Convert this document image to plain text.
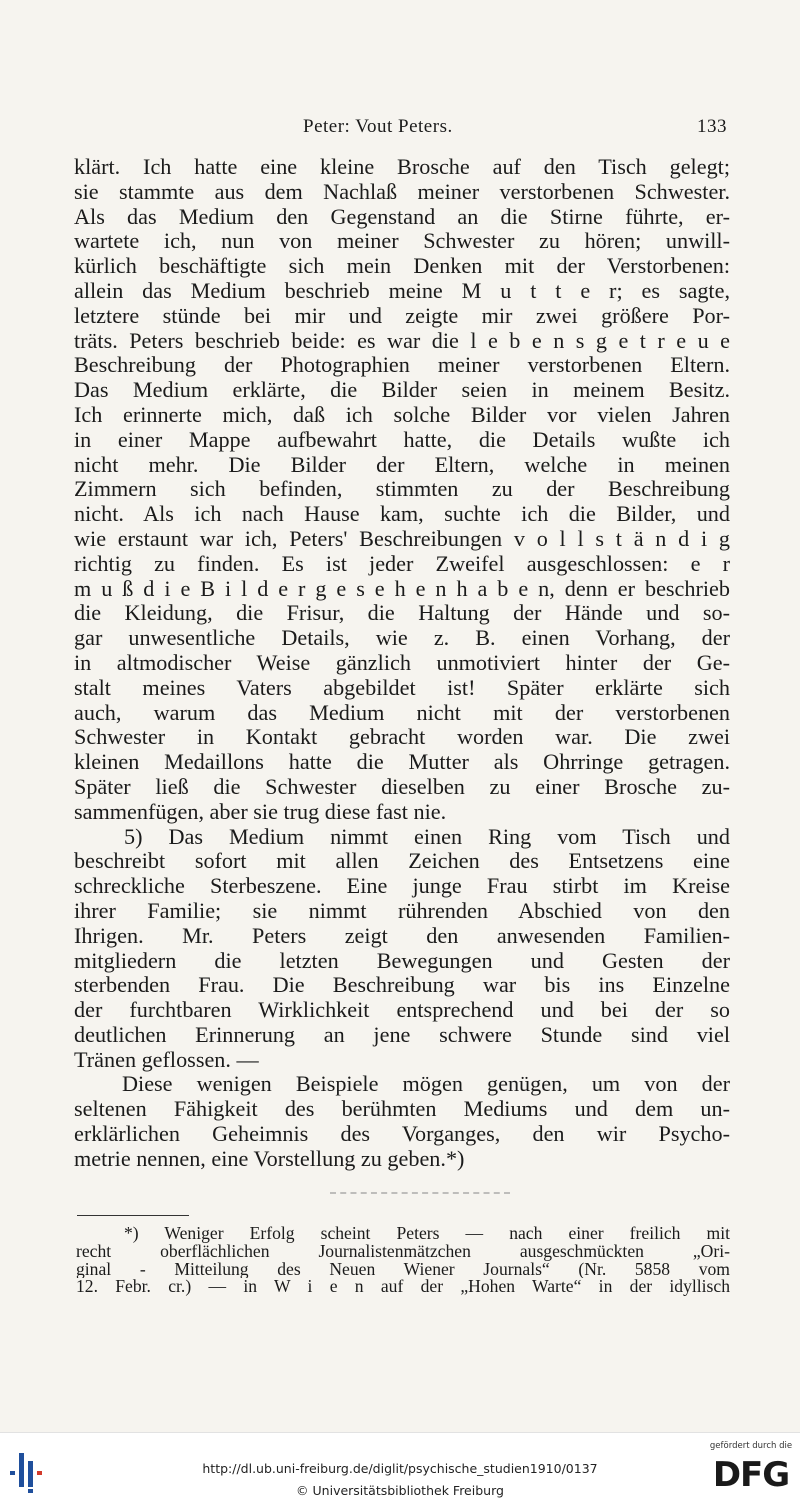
Peter: Vout Peters.	133
klärt. Ich hatte eine kleine Brosche auf den Tisch gelegt;
sie stammte aus dem Nachlaß meiner verstorbenen Schwester.
Als das Medium den Gegenstand an die Stirne führte, er-
wartete ich, nun von meiner Schwester zu hören; unwill-
kürlich beschäftigte sich mein Denken mit der Verstorbenen:
allein das Medium beschrieb meine M u t t e r; es sagte,
letztere stünde bei mir und zeigte mir zwei größere Por-
träts. Peters beschrieb beide: es war die l e b e n s g e t r e u e
Beschreibung der Photographien meiner verstorbenen Eltern.
Das Medium erklärte, die Bilder seien in meinem Besitz.
Ich erinnerte mich, daß ich solche Bilder vor vielen Jahren
in einer Mappe aufbewahrt hatte, die Details wußte ich
nicht mehr. Die Bilder der Eltern, welche in meinen
Zimmern sich befinden, stimmten zu der Beschreibung
nicht. Als ich nach Hause kam, suchte ich die Bilder, und
wie erstaunt war ich, Peters' Beschreibungen v o l l s t ä n d i g
richtig zu finden. Es ist jeder Zweifel ausgeschlossen: e r
m u ß d i e B i l d e r g e s e h e n h a b e n, denn er beschrieb
die Kleidung, die Frisur, die Haltung der Hände und so-
gar unwesentliche Details, wie z. B. einen Vorhang, der
in altmodischer Weise gänzlich unmotiviert hinter der Ge-
stalt meines Vaters abgebildet ist! Später erklärte sich
auch, warum das Medium nicht mit der verstorbenen
Schwester in Kontakt gebracht worden war. Die zwei
kleinen Medaillons hatte die Mutter als Ohrringe getragen.
Später ließ die Schwester dieselben zu einer Brosche zu-
sammenfügen, aber sie trug diese fast nie.
5) Das Medium nimmt einen Ring vom Tisch und
beschreibt sofort mit allen Zeichen des Entsetzens eine
schreckliche Sterbeszene. Eine junge Frau stirbt im Kreise
ihrer Familie; sie nimmt rührenden Abschied von den
Ihrigen. Mr. Peters zeigt den anwesenden Familien-
mitgliedern die letzten Bewegungen und Gesten der
sterbenden Frau. Die Beschreibung war bis ins Einzelne
der furchtbaren Wirklichkeit entsprechend und bei der so
deutlichen Erinnerung an jene schwere Stunde sind viel
Tränen geflossen. —
Diese wenigen Beispiele mögen genügen, um von der
seltenen Fähigkeit des berühmten Mediums und dem un-
erklärlichen Geheimnis des Vorganges, den wir Psycho-
metrie nennen, eine Vorstellung zu geben.*)
*) Weniger Erfolg scheint Peters — nach einer freilich mit
recht oberflächlichen Journalistenmätzchen ausgeschmückten „Ori-
ginal - Mitteilung des Neuen Wiener Journals“ (Nr. 5858 vom
12. Febr. cr.) — in W i e n auf der „Hohen Warte“ in der idyllisch
http://dl.ub.uni-freiburg.de/diglit/psychische_studien1910/0137
© Universitätsbibliothek Freiburg
gefördert durch die
DFG
